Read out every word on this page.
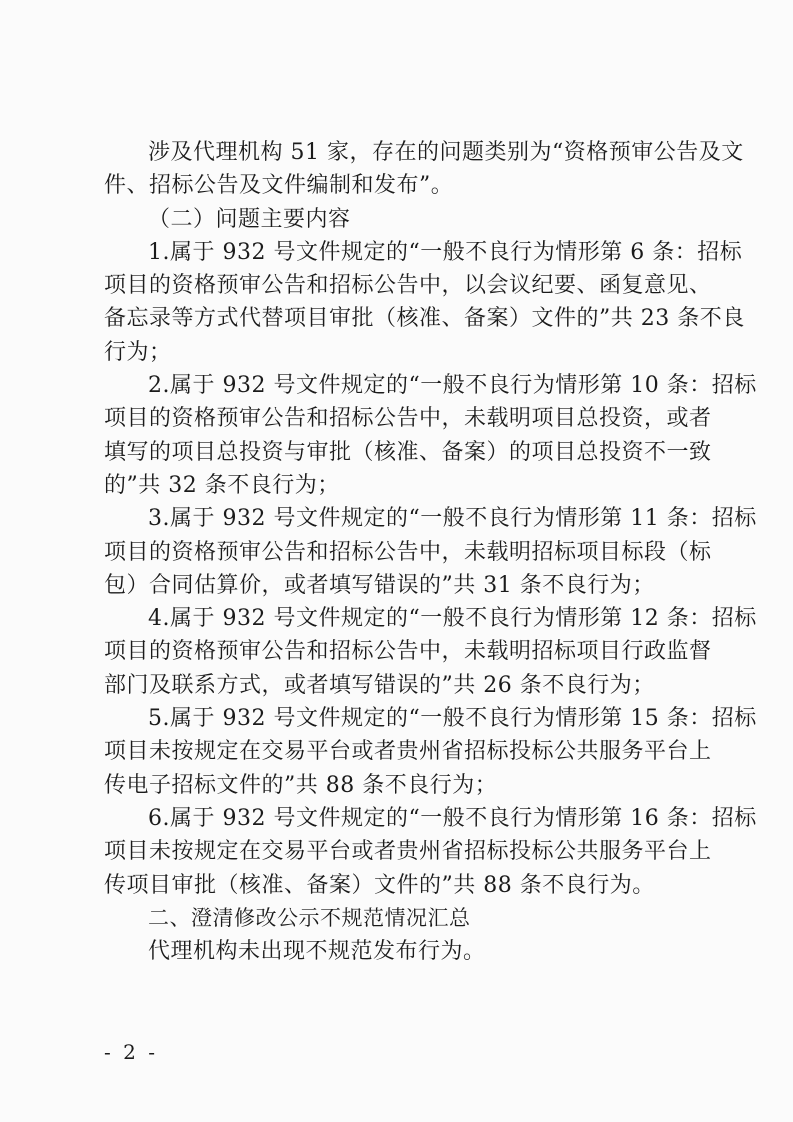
涉及代理机构 51 家，存在的问题类别为“资格预审公告及文
件、招标公告及文件编制和发布”。
（二）问题主要内容
1.属于 932 号文件规定的“一般不良行为情形第 6 条：招标
项目的资格预审公告和招标公告中，以会议纪要、函复意见、
备忘录等方式代替项目审批（核准、备案）文件的”共 23 条不良
行为；
2.属于 932 号文件规定的“一般不良行为情形第 10 条：招标
项目的资格预审公告和招标公告中，未载明项目总投资，或者
填写的项目总投资与审批（核准、备案）的项目总投资不一致
的”共 32 条不良行为；
3.属于 932 号文件规定的“一般不良行为情形第 11 条：招标
项目的资格预审公告和招标公告中，未载明招标项目标段（标
包）合同估算价，或者填写错误的”共 31 条不良行为；
4.属于 932 号文件规定的“一般不良行为情形第 12 条：招标
项目的资格预审公告和招标公告中，未载明招标项目行政监督
部门及联系方式，或者填写错误的”共 26 条不良行为；
5.属于 932 号文件规定的“一般不良行为情形第 15 条：招标
项目未按规定在交易平台或者贵州省招标投标公共服务平台上
传电子招标文件的”共 88 条不良行为；
6.属于 932 号文件规定的“一般不良行为情形第 16 条：招标
项目未按规定在交易平台或者贵州省招标投标公共服务平台上
传项目审批（核准、备案）文件的”共 88 条不良行为。
二、澄清修改公示不规范情况汇总
代理机构未出现不规范发布行为。
- 2 -
